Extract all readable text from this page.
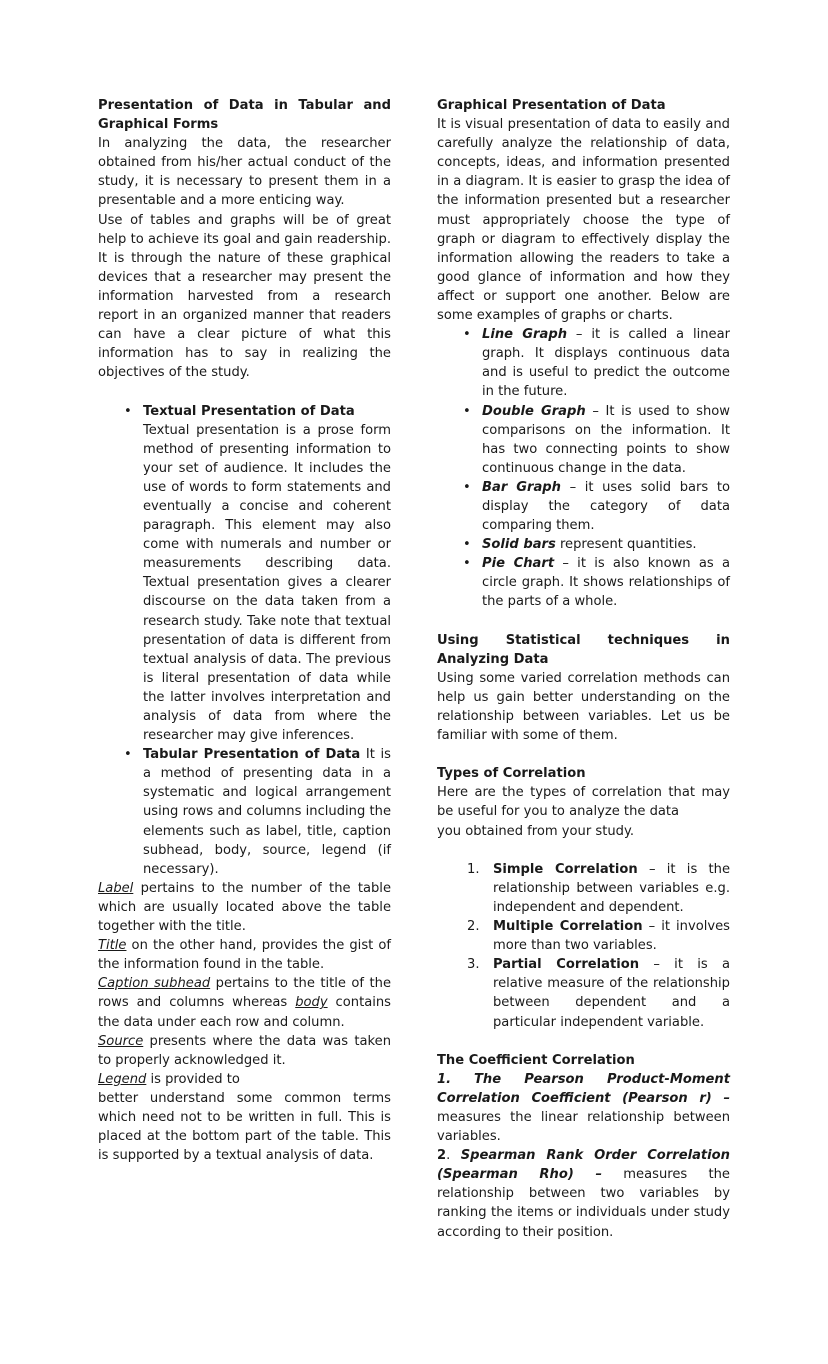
Presentation of Data in Tabular and Graphical Forms

In analyzing the data, the researcher obtained from his/her actual conduct of the study, it is necessary to present them in a presentable and a more enticing way.

Use of tables and graphs will be of great help to achieve its goal and gain readership. It is through the nature of these graphical devices that a researcher may present the information harvested from a research report in an organized manner that readers can have a clear picture of what this information has to say in realizing the objectives of the study.

• Textual Presentation of Data
Textual presentation is a prose form method of presenting information to your set of audience. It includes the use of words to form statements and eventually a concise and coherent paragraph. This element may also come with numerals and number or measurements describing data. Textual presentation gives a clearer discourse on the data taken from a research study. Take note that textual presentation of data is different from textual analysis of data. The previous is literal presentation of data while the latter involves interpretation and analysis of data from where the researcher may give inferences.
• Tabular Presentation of Data It is a method of presenting data in a systematic and logical arrangement using rows and columns including the elements such as label, title, caption subhead, body, source, legend (if necessary).

Label pertains to the number of the table which are usually located above the table together with the title.

Title on the other hand, provides the gist of the information found in the table.

Caption subhead pertains to the title of the rows and columns whereas body contains the data under each row and column.

Source presents where the data was taken to properly acknowledged it.

Legend is provided to

better understand some common terms which need not to be written in full. This is placed at the bottom part of the table. This is supported by a textual analysis of data.

Graphical Presentation of Data

It is visual presentation of data to easily and carefully analyze the relationship of data, concepts, ideas, and information presented in a diagram. It is easier to grasp the idea of the information presented but a researcher must appropriately choose the type of graph or diagram to effectively display the information allowing the readers to take a good glance of information and how they affect or support one another. Below are some examples of graphs or charts.

• Line Graph – it is called a linear graph. It displays continuous data and is useful to predict the outcome in the future.
• Double Graph – It is used to show comparisons on the information. It has two connecting points to show continuous change in the data.
• Bar Graph – it uses solid bars to display the category of data comparing them.
• Solid bars represent quantities.
• Pie Chart – it is also known as a circle graph. It shows relationships of the parts of a whole.
Using Statistical techniques in Analyzing Data

Using some varied correlation methods can help us gain better understanding on the relationship between variables. Let us be familiar with some of them.

Types of Correlation

Here are the types of correlation that may be useful for you to analyze the data

you obtained from your study.

Simple Correlation – it is the relationship between variables e.g. independent and dependent.
Multiple Correlation – it involves more than two variables.
Partial Correlation – it is a relative measure of the relationship between dependent and a particular independent variable.
The Coefficient Correlation

1. The Pearson Product-Moment Correlation Coefficient (Pearson r) – measures the linear relationship between variables.

2. Spearman Rank Order Correlation (Spearman Rho) – measures the relationship between two variables by ranking the items or individuals under study according to their position.
